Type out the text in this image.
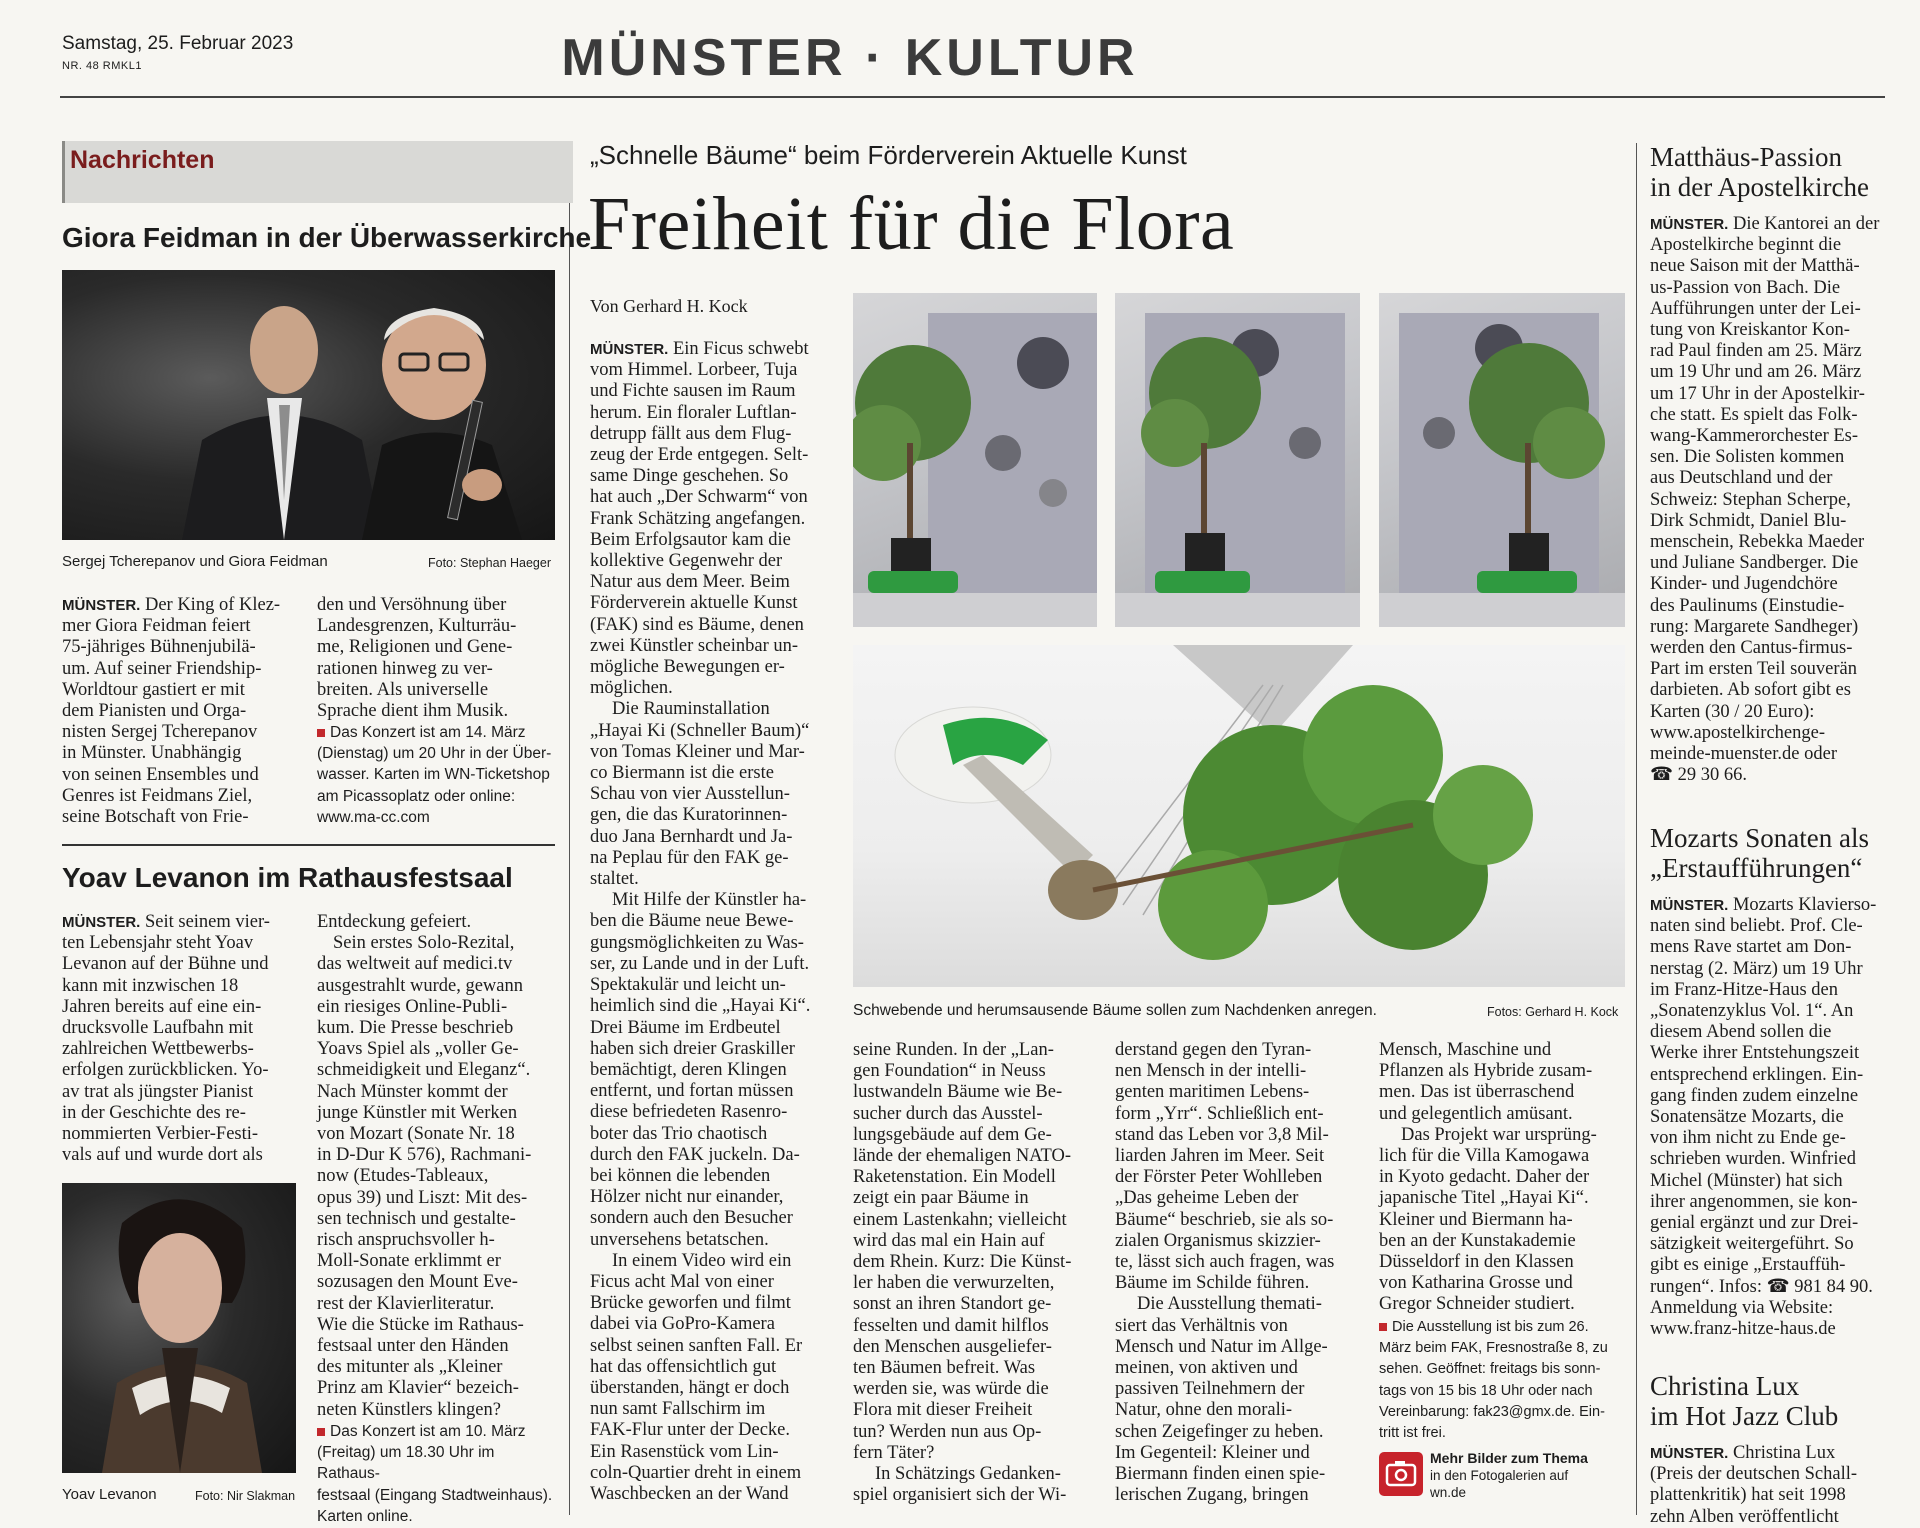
Samstag, 25. Februar 2023
NR. 48 RMKL1	MÜNSTER · KULTUR
Nachrichten
Giora Feidman in der Überwasserkirche
Sergej Tcherepanov und Giora Feidman	Foto: Stephan Haeger
MÜNSTER. Der King of Klez-
mer Giora Feidman feiert
75-jähriges Bühnenjubilä-
um. Auf seiner Friendship-
Worldtour gastiert er mit
dem Pianisten und Orga-
nisten Sergej Tcherepanov
in Münster. Unabhängig
von seinen Ensembles und
Genres ist Feidmans Ziel,
seine Botschaft von Frie-
den und Versöhnung über
Landesgrenzen, Kulturräu-
me, Religionen und Gene-
rationen hinweg zu ver-
breiten. Als universelle
Sprache dient ihm Musik.
Das Konzert ist am 14. März
(Dienstag) um 20 Uhr in der Über-
wasser. Karten im WN-Ticketshop
am Picassoplatz oder online:
www.ma-cc.com
Yoav Levanon im Rathausfestsaal
MÜNSTER. Seit seinem vier-
ten Lebensjahr steht Yoav
Levanon auf der Bühne und
kann mit inzwischen 18
Jahren bereits auf eine ein-
drucksvolle Laufbahn mit
zahlreichen Wettbewerbs-
erfolgen zurückblicken. Yo-
av trat als jüngster Pianist
in der Geschichte des re-
nommierten Verbier-Festi-
vals auf und wurde dort als
Yoav Levanon	Foto: Nir Slakman
Entdeckung gefeiert.
Sein erstes Solo-Rezital,
das weltweit auf medici.tv
ausgestrahlt wurde, gewann
ein riesiges Online-Publi-
kum. Die Presse beschrieb
Yoavs Spiel als „voller Ge-
schmeidigkeit und Eleganz“.
Nach Münster kommt der
junge Künstler mit Werken
von Mozart (Sonate Nr. 18
in D-Dur K 576), Rachmani-
now (Etudes-Tableaux,
opus 39) und Liszt: Mit des-
sen technisch und gestalte-
risch anspruchsvoller h-
Moll-Sonate erklimmt er
sozusagen den Mount Eve-
rest der Klavierliteratur.
Wie die Stücke im Rathaus-
festsaal unter den Händen
des mitunter als „Kleiner
Prinz am Klavier“ bezeich-
neten Künstlers klingen?
Das Konzert ist am 10. März
(Freitag) um 18.30 Uhr im Rathaus-
festsaal (Eingang Stadtweinhaus).
Karten online.
„Schnelle Bäume“ beim Förderverein Aktuelle Kunst
Freiheit für die Flora
Von Gerhard H. Kock
Schwebende und herumsausende Bäume sollen zum Nachdenken anregen.	Fotos: Gerhard H. Kock
MÜNSTER. Ein Ficus schwebt
vom Himmel. Lorbeer, Tuja
und Fichte sausen im Raum
herum. Ein floraler Luftlan-
detrupp fällt aus dem Flug-
zeug der Erde entgegen. Selt-
same Dinge geschehen. So
hat auch „Der Schwarm“ von
Frank Schätzing angefangen.
Beim Erfolgsautor kam die
kollektive Gegenwehr der
Natur aus dem Meer. Beim
Förderverein aktuelle Kunst
(FAK) sind es Bäume, denen
zwei Künstler scheinbar un-
mögliche Bewegungen er-
möglichen.
Die Rauminstallation
„Hayai Ki (Schneller Baum)“
von Tomas Kleiner und Mar-
co Biermann ist die erste
Schau von vier Ausstellun-
gen, die das Kuratorinnen-
duo Jana Bernhardt und Ja-
na Peplau für den FAK ge-
staltet.
Mit Hilfe der Künstler ha-
ben die Bäume neue Bewe-
gungsmöglichkeiten zu Was-
ser, zu Lande und in der Luft.
Spektakulär und leicht un-
heimlich sind die „Hayai Ki“.
Drei Bäume im Erdbeutel
haben sich dreier Graskiller
bemächtigt, deren Klingen
entfernt, und fortan müssen
diese befriedeten Rasenro-
boter das Trio chaotisch
durch den FAK juckeln. Da-
bei können die lebenden
Hölzer nicht nur einander,
sondern auch den Besucher
unversehens betatschen.
In einem Video wird ein
Ficus acht Mal von einer
Brücke geworfen und filmt
dabei via GoPro-Kamera
selbst seinen sanften Fall. Er
hat das offensichtlich gut
überstanden, hängt er doch
nun samt Fallschirm im
FAK-Flur unter der Decke.
Ein Rasenstück vom Lin-
coln-Quartier dreht in einem
Waschbecken an der Wand
seine Runden. In der „Lan-
gen Foundation“ in Neuss
lustwandeln Bäume wie Be-
sucher durch das Ausstel-
lungsgebäude auf dem Ge-
lände der ehemaligen NATO-
Raketenstation. Ein Modell
zeigt ein paar Bäume in
einem Lastenkahn; vielleicht
wird das mal ein Hain auf
dem Rhein. Kurz: Die Künst-
ler haben die verwurzelten,
sonst an ihren Standort ge-
fesselten und damit hilflos
den Menschen ausgeliefer-
ten Bäumen befreit. Was
werden sie, was würde die
Flora mit dieser Freiheit
tun? Werden nun aus Op-
fern Täter?
In Schätzings Gedanken-
spiel organisiert sich der Wi-
derstand gegen den Tyran-
nen Mensch in der intelli-
genten maritimen Lebens-
form „Yrr“. Schließlich ent-
stand das Leben vor 3,8 Mil-
liarden Jahren im Meer. Seit
der Förster Peter Wohlleben
„Das geheime Leben der
Bäume“ beschrieb, sie als so-
zialen Organismus skizzier-
te, lässt sich auch fragen, was
Bäume im Schilde führen.
Die Ausstellung themati-
siert das Verhältnis von
Mensch und Natur im Allge-
meinen, von aktiven und
passiven Teilnehmern der
Natur, ohne den morali-
schen Zeigefinger zu heben.
Im Gegenteil: Kleiner und
Biermann finden einen spie-
lerischen Zugang, bringen
Mensch, Maschine und
Pflanzen als Hybride zusam-
men. Das ist überraschend
und gelegentlich amüsant.
Das Projekt war ursprüng-
lich für die Villa Kamogawa
in Kyoto gedacht. Daher der
japanische Titel „Hayai Ki“.
Kleiner und Biermann ha-
ben an der Kunstakademie
Düsseldorf in den Klassen
von Katharina Grosse und
Gregor Schneider studiert.
Die Ausstellung ist bis zum 26.
März beim FAK, Fresnostraße 8, zu
sehen. Geöffnet: freitags bis sonn-
tags von 15 bis 18 Uhr oder nach
Vereinbarung: fak23@gmx.de. Ein-
tritt ist frei.
Mehr Bilder zum Thema
in den Fotogalerien auf
wn.de
Matthäus-Passion
in der Apostelkirche
MÜNSTER. Die Kantorei an der
Apostelkirche beginnt die
neue Saison mit der Matthä-
us-Passion von Bach. Die
Aufführungen unter der Lei-
tung von Kreiskantor Kon-
rad Paul finden am 25. März
um 19 Uhr und am 26. März
um 17 Uhr in der Apostelkir-
che statt. Es spielt das Folk-
wang-Kammerorchester Es-
sen. Die Solisten kommen
aus Deutschland und der
Schweiz: Stephan Scherpe,
Dirk Schmidt, Daniel Blu-
menschein, Rebekka Maeder
und Juliane Sandberger. Die
Kinder- und Jugendchöre
des Paulinums (Einstudie-
rung: Margarete Sandheger)
werden den Cantus-firmus-
Part im ersten Teil souverän
darbieten. Ab sofort gibt es
Karten (30 / 20 Euro):
www.apostelkirchenge-
meinde-muenster.de oder
☎ 29 30 66.
Mozarts Sonaten als
„Erstaufführungen“
MÜNSTER. Mozarts Klavierso-
naten sind beliebt. Prof. Cle-
mens Rave startet am Don-
nerstag (2. März) um 19 Uhr
im Franz-Hitze-Haus den
„Sonatenzyklus Vol. 1“. An
diesem Abend sollen die
Werke ihrer Entstehungszeit
entsprechend erklingen. Ein-
gang finden zudem einzelne
Sonatensätze Mozarts, die
von ihm nicht zu Ende ge-
schrieben wurden. Winfried
Michel (Münster) hat sich
ihrer angenommen, sie kon-
genial ergänzt und zur Drei-
sätzigkeit weitergeführt. So
gibt es einige „Erstauffüh-
rungen“. Infos: ☎ 981 84 90.
Anmeldung via Website:
www.franz-hitze-haus.de
Christina Lux
im Hot Jazz Club
MÜNSTER. Christina Lux
(Preis der deutschen Schall-
plattenkritik) hat seit 1998
zehn Alben veröffentlicht
